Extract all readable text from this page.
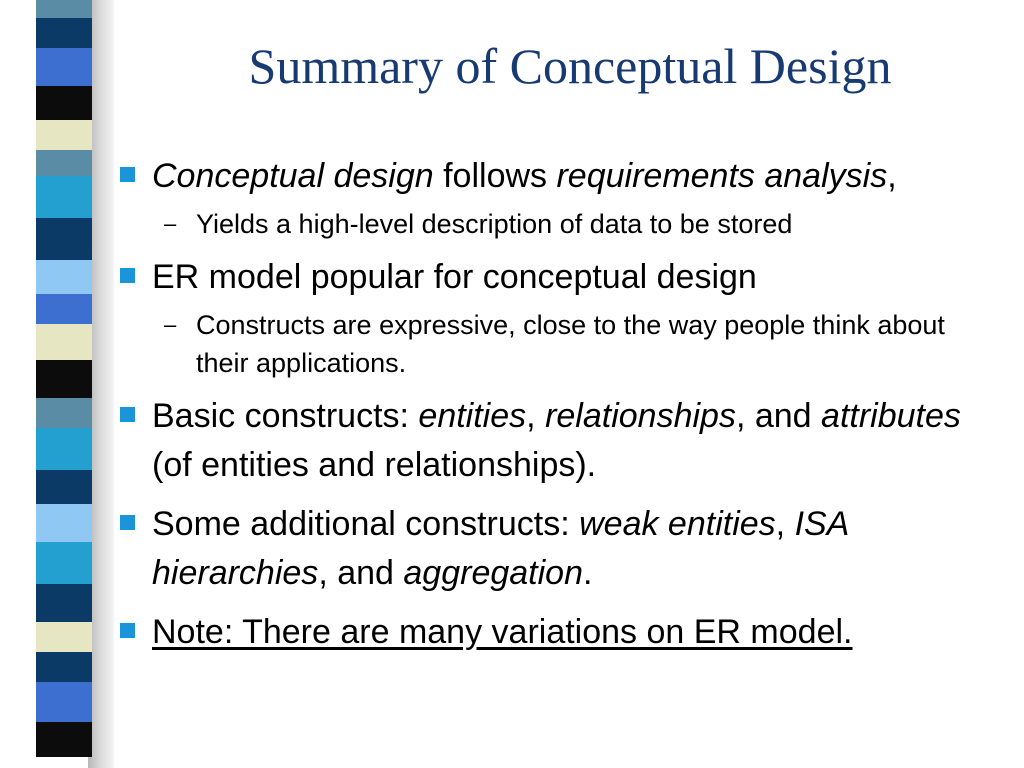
Summary of Conceptual Design
Conceptual design follows requirements analysis,
– Yields a high-level description of data to be stored
ER model popular for conceptual design
– Constructs are expressive, close to the way people think about their applications.
Basic constructs: entities, relationships, and attributes (of entities and relationships).
Some additional constructs: weak entities, ISA hierarchies, and aggregation.
Note: There are many variations on ER model.
